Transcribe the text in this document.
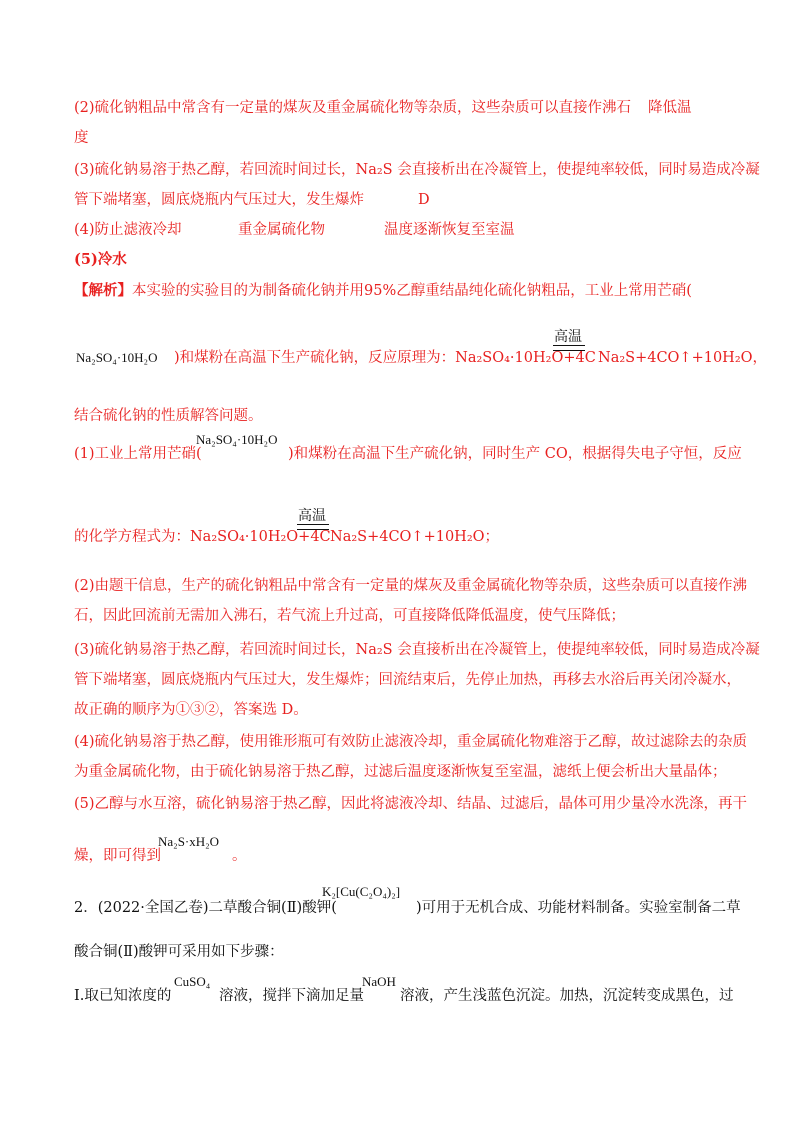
(2)硫化钠粗品中常含有一定量的煤灰及重金属硫化物等杂质，这些杂质可以直接作沸石 降低温
度
(3)硫化钠易溶于热乙醇，若回流时间过长，Na₂S 会直接析出在冷凝管上，使提纯率较低，同时易造成冷凝
管下端堵塞，圆底烧瓶内气压过大，发生爆炸	D
(4)防止滤液冷却	重金属硫化物	温度逐渐恢复至室温
(5)冷水
【解析】本实验的实验目的为制备硫化钠并用95%乙醇重结晶纯化硫化钠粗品，工业上常用芒硝(
Na₂SO₄·10H₂O )和煤粉在高温下生产硫化钠，反应原理为：Na₂SO₄·10H₂O+4C
高温
Na₂S+4CO↑+10H₂O，
结合硫化钠的性质解答问题。
Na₂SO₄·10H₂O
(1)工业上常用芒硝(	)和煤粉在高温下生产硫化钠，同时生产 CO，根据得失电子守恒，反应
高温
的化学方程式为：Na₂SO₄·10H₂O+4C Na₂S+4CO↑+10H₂O；
(2)由题干信息，生产的硫化钠粗品中常含有一定量的煤灰及重金属硫化物等杂质，这些杂质可以直接作沸
石，因此回流前无需加入沸石，若气流上升过高，可直接降低降低温度，使气压降低；
(3)硫化钠易溶于热乙醇，若回流时间过长，Na₂S 会直接析出在冷凝管上，使提纯率较低，同时易造成冷凝
管下端堵塞，圆底烧瓶内气压过大，发生爆炸；回流结束后，先停止加热，再移去水浴后再关闭冷凝水，
故正确的顺序为①③②，答案选 D。
(4)硫化钠易溶于热乙醇，使用锥形瓶可有效防止滤液冷却，重金属硫化物难溶于乙醇，故过滤除去的杂质
为重金属硫化物，由于硫化钠易溶于热乙醇，过滤后温度逐渐恢复至室温，滤纸上便会析出大量晶体；
(5)乙醇与水互溶，硫化钠易溶于热乙醇，因此将滤液冷却、结晶、过滤后，晶体可用少量冷水洗涤，再干
Na₂S·xH₂O
燥，即可得到	。
K₂[Cu(C₂O₄)₂]
2．(2022·全国乙卷)二草酸合铜(Ⅱ)酸钾(	)可用于无机合成、功能材料制备。实验室制备二草
酸合铜(Ⅱ)酸钾可采用如下步骤：
Ⅰ.取已知浓度的
CuSO₄
溶液，搅拌下滴加足量
NaOH
溶液，产生浅蓝色沉淀。加热，沉淀转变成黑色，过
